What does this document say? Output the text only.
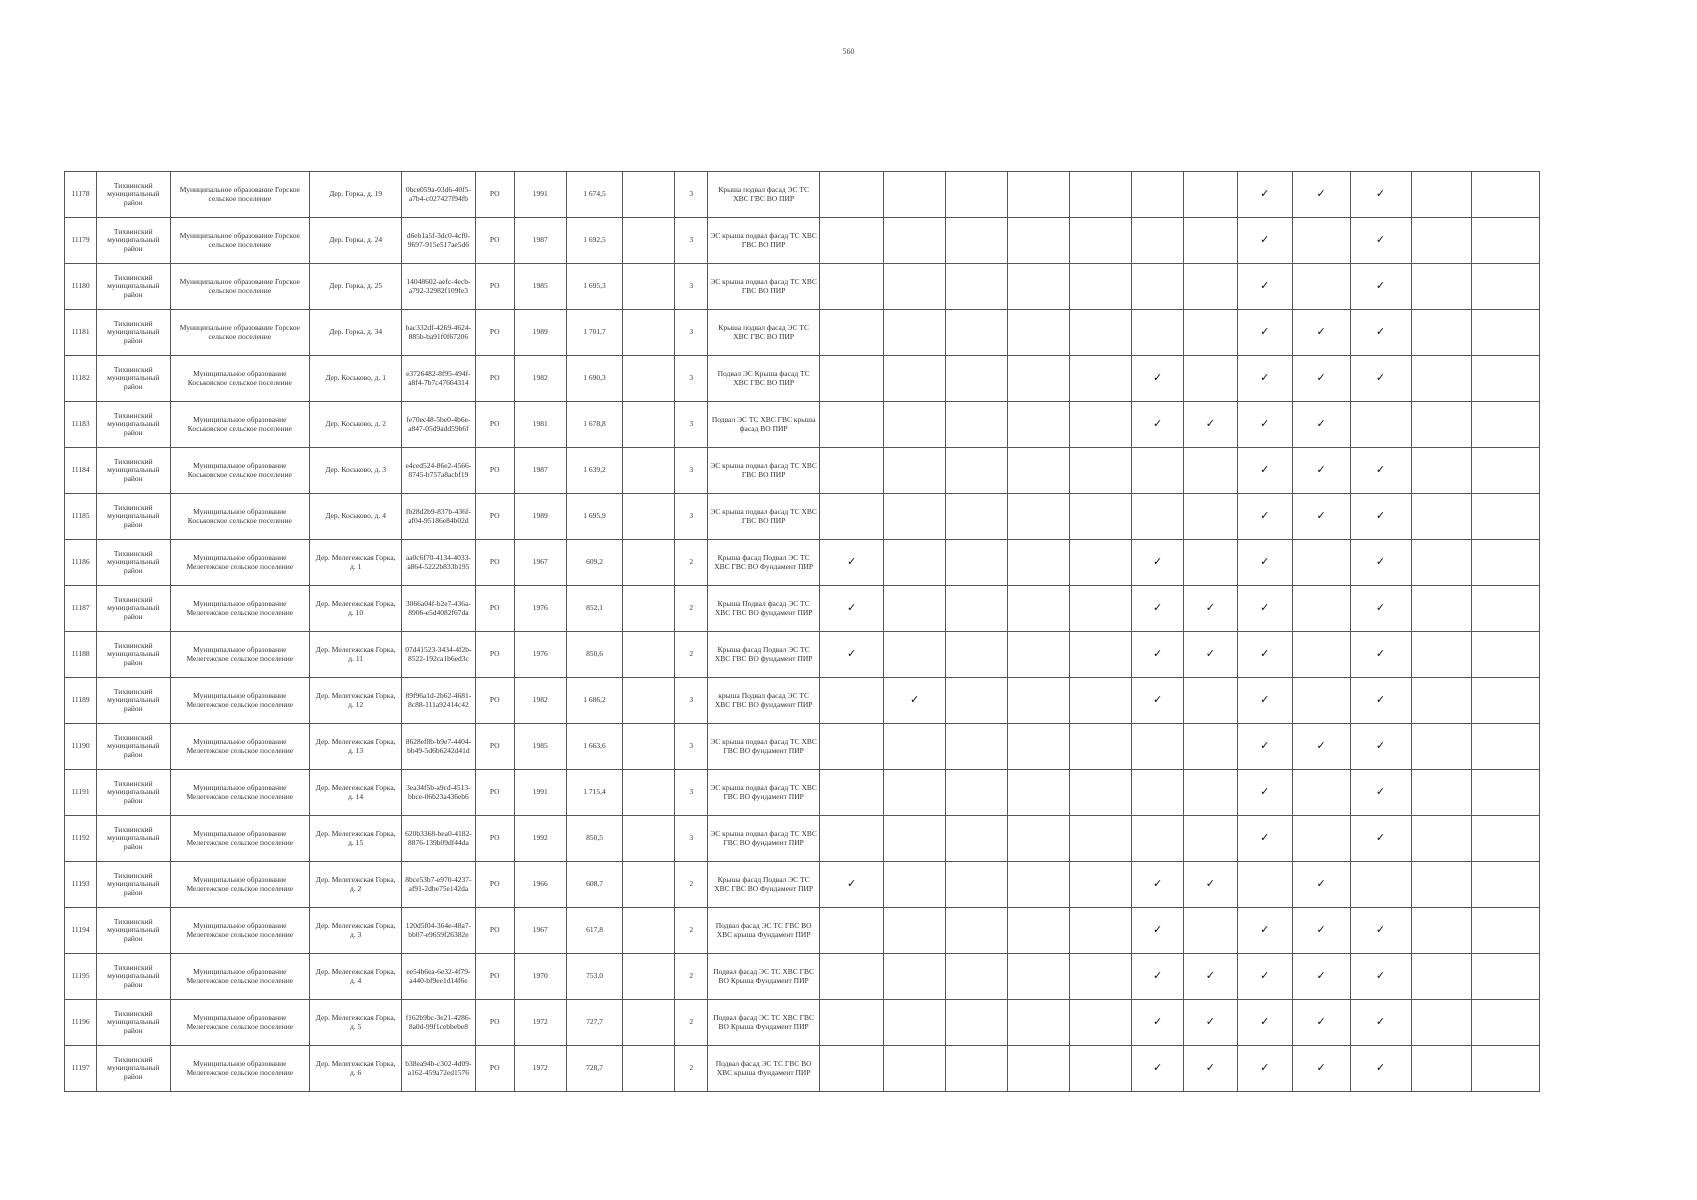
560
11178	Тихвинский муниципальный район	Муниципальное образование Горское сельское поселение	Дер. Горка, д. 19	0bce059a-03d6-40f5-a7b4-c027427f94fb	РО	1991	1 674,5		3	Крыша подвал фасад ЭС ТС ХВС ГВС ВО ПИР								✓	✓	✓		
11179	Тихвинский муниципальный район	Муниципальное образование Горское сельское поселение	Дер. Горка, д. 24	d6eb1a5f-3dc0-4cf0-9697-915e517ae5d6	РО	1987	1 692,5		3	ЭС крыша подвал фасад ТС ХВС ГВС ВО ПИР								✓		✓		
11180	Тихвинский муниципальный район	Муниципальное образование Горское сельское поселение	Дер. Горка, д. 25	14048602-aefc-4ecb-a792-32982f109fe3	РО	1985	1 695,3		3	ЭС крыша подвал фасад ТС ХВС ГВС ВО ПИР								✓		✓		
11181	Тихвинский муниципальный район	Муниципальное образование Горское сельское поселение	Дер. Горка, д. 34	bac332df-4269-4624-885b-ba91f0f67206	РО	1989	1 701,7		3	Крыша подвал фасад ЭС ТС ХВС ГВС ВО ПИР								✓	✓	✓		
11182	Тихвинский муниципальный район	Муниципальное образование Коськовское сельское поселение	Дер. Коськово, д. 1	e3726482-8f95-494f-a8f4-7b7c47664314	РО	1982	1 690,3		3	Подвал ЭС Крыша фасад ТС ХВС ГВС ВО ПИР						✓		✓	✓	✓		
11183	Тихвинский муниципальный район	Муниципальное образование Коськовское сельское поселение	Дер. Коськово, д. 2	fe70ec48-5be0-4b6e-a847-05d9add59b6f	РО	1981	1 678,8		3	Подвал ЭС ТС ХВС ГВС крыша фасад ВО ПИР						✓	✓	✓	✓			
11184	Тихвинский муниципальный район	Муниципальное образование Коськовское сельское поселение	Дер. Коськово, д. 3	e4ced524-86e2-4566-8745-b757a8acbf19	РО	1987	1 639,2		3	ЭС крыша подвал фасад ТС ХВС ГВС ВО ПИР								✓	✓	✓		
11185	Тихвинский муниципальный район	Муниципальное образование Коськовское сельское поселение	Дер. Коськово, д. 4	fb28d2b9-837b-436f-af04-95186e84b02d	РО	1989	1 695,9		3	ЭС крыша подвал фасад ТС ХВС ГВС ВО ПИР								✓	✓	✓		
11186	Тихвинский муниципальный район	Муниципальное образование Мелегежское сельское поселение	Дер. Мелегежская Горка, д. 1	aa0c6f70-4134-4033-a864-5222b833b195	РО	1967	609,2		2	Крыша фасад Подвал ЭС ТС ХВС ГВС ВО Фундамент ПИР	✓					✓		✓		✓		
11187	Тихвинский муниципальный район	Муниципальное образование Мелегежское сельское поселение	Дер. Мелегежская Горка, д. 10	3066a04f-b2e7-436a-8906-e5d4082f67da	РО	1976	852,1		2	Крыша Подвал фасад ЭС ТС ХВС ГВС ВО фундамент ПИР	✓					✓	✓	✓		✓		
11188	Тихвинский муниципальный район	Муниципальное образование Мелегежское сельское поселение	Дер. Мелегежская Горка, д. 11	07d41523-3434-4f2b-8522-192ca1b6ed3c	РО	1976	850,6		2	Крыша фасад Подвал ЭС ТС ХВС ГВС ВО фундамент ПИР	✓					✓	✓	✓		✓		
11189	Тихвинский муниципальный район	Муниципальное образование Мелегежское сельское поселение	Дер. Мелегежская Горка, д. 12	89f96a1d-2b62-4681-8c88-111a92414c42	РО	1982	1 686,2		3	крыша Подвал фасад ЭС ТС ХВС ГВС ВО фундамент ПИР		✓				✓		✓		✓		
11190	Тихвинский муниципальный район	Муниципальное образование Мелегежское сельское поселение	Дер. Мелегежская Горка, д. 13	8628ef8b-b9e7-4404-bb49-5d6b6242d41d	РО	1985	1 663,6		3	ЭС крыша подвал фасад ТС ХВС ГВС ВО фундамент ПИР								✓	✓	✓		
11191	Тихвинский муниципальный район	Муниципальное образование Мелегежское сельское поселение	Дер. Мелегежская Горка, д. 14	3ea34f5b-a9cd-4513-bbce-06b23a436eb6	РО	1991	1 715,4		3	ЭС крыша подвал фасад ТС ХВС ГВС ВО фундамент ПИР								✓		✓		
11192	Тихвинский муниципальный район	Муниципальное образование Мелегежское сельское поселение	Дер. Мелегежская Горка, д. 15	620b3368-bea0-4182-8876-139b09df44da	РО	1992	850,5		3	ЭС крыша подвал фасад ТС ХВС ГВС ВО фундамент ПИР								✓		✓		
11193	Тихвинский муниципальный район	Муниципальное образование Мелегежское сельское поселение	Дер. Мелегежская Горка, д. 2	8bce53b7-e970-4237-af91-2dbe75e142da	РО	1966	608,7		2	Крыша фасад Подвал ЭС ТС ХВС ГВС ВО Фундамент ПИР	✓					✓	✓		✓			
11194	Тихвинский муниципальный район	Муниципальное образование Мелегежское сельское поселение	Дер. Мелегежская Горка, д. 3	120d5f04-364e-48a7-bb07-e9659f26382e	РО	1967	617,8		2	Подвал фасад ЭС ТС ГВС ВО ХВС крыша Фундамент ПИР						✓		✓	✓	✓		
11195	Тихвинский муниципальный район	Муниципальное образование Мелегежское сельское поселение	Дер. Мелегежская Горка, д. 4	ee54b6ea-6e32-4f79-a440-bf9ee1d14f6e	РО	1970	753,0		2	Подвал фасад ЭС ТС ХВС ГВС ВО Крыша Фундамент ПИР						✓	✓	✓	✓	✓		
11196	Тихвинский муниципальный район	Муниципальное образование Мелегежское сельское поселение	Дер. Мелегежская Горка, д. 5	f162b9bc-3e21-4286-8a0d-99f1cebbebe8	РО	1972	727,7		2	Подвал фасад ЭС ТС ХВС ГВС ВО Крыша Фундамент ПИР						✓	✓	✓	✓	✓		
11197	Тихвинский муниципальный район	Муниципальное образование Мелегежское сельское поселение	Дер. Мелегежская Горка, д. 6	b38ea94b-c302-4d09-a162-459a72ed1576	РО	1972	728,7		2	Подвал фасад ЭС ТС ГВС ВО ХВС крыша Фундамент ПИР						✓	✓	✓	✓	✓		
